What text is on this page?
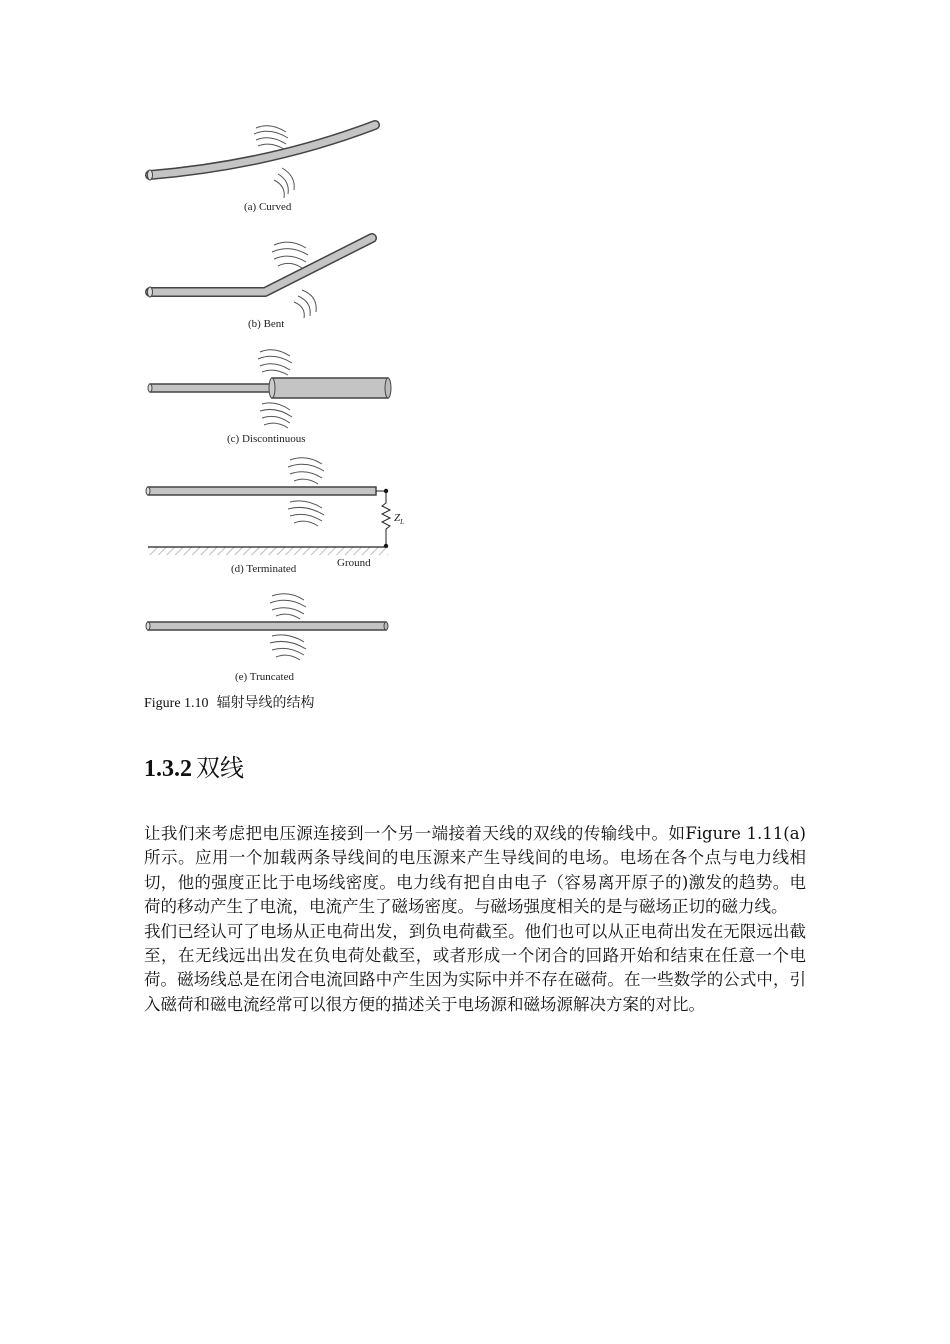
(a) Curved
(b) Bent
(c) Discontinuous
(d) Terminated
(e) Truncated
Ground
$Z_L$
Figure 1.10 辐射导线的结构
1.3.2 双线

让我们来考虑把电压源连接到一个另一端接着天线的双线的传输线中。如Figure 1.11(a)所示。应用一个加载两条导线间的电压源来产生导线间的电场。电场在各个点与电力线相切，他的强度正比于电场线密度。电力线有把自由电子（容易离开原子的)激发的趋势。电荷的移动产生了电流，电流产生了磁场密度。与磁场强度相关的是与磁场正切的磁力线。

我们已经认可了电场从正电荷出发，到负电荷截至。他们也可以从正电荷出发在无限远出截至，在无线远出出发在负电荷处截至，或者形成一个闭合的回路开始和结束在任意一个电荷。磁场线总是在闭合电流回路中产生因为实际中并不存在磁荷。在一些数学的公式中，引入磁荷和磁电流经常可以很方便的描述关于电场源和磁场源解决方案的对比。
